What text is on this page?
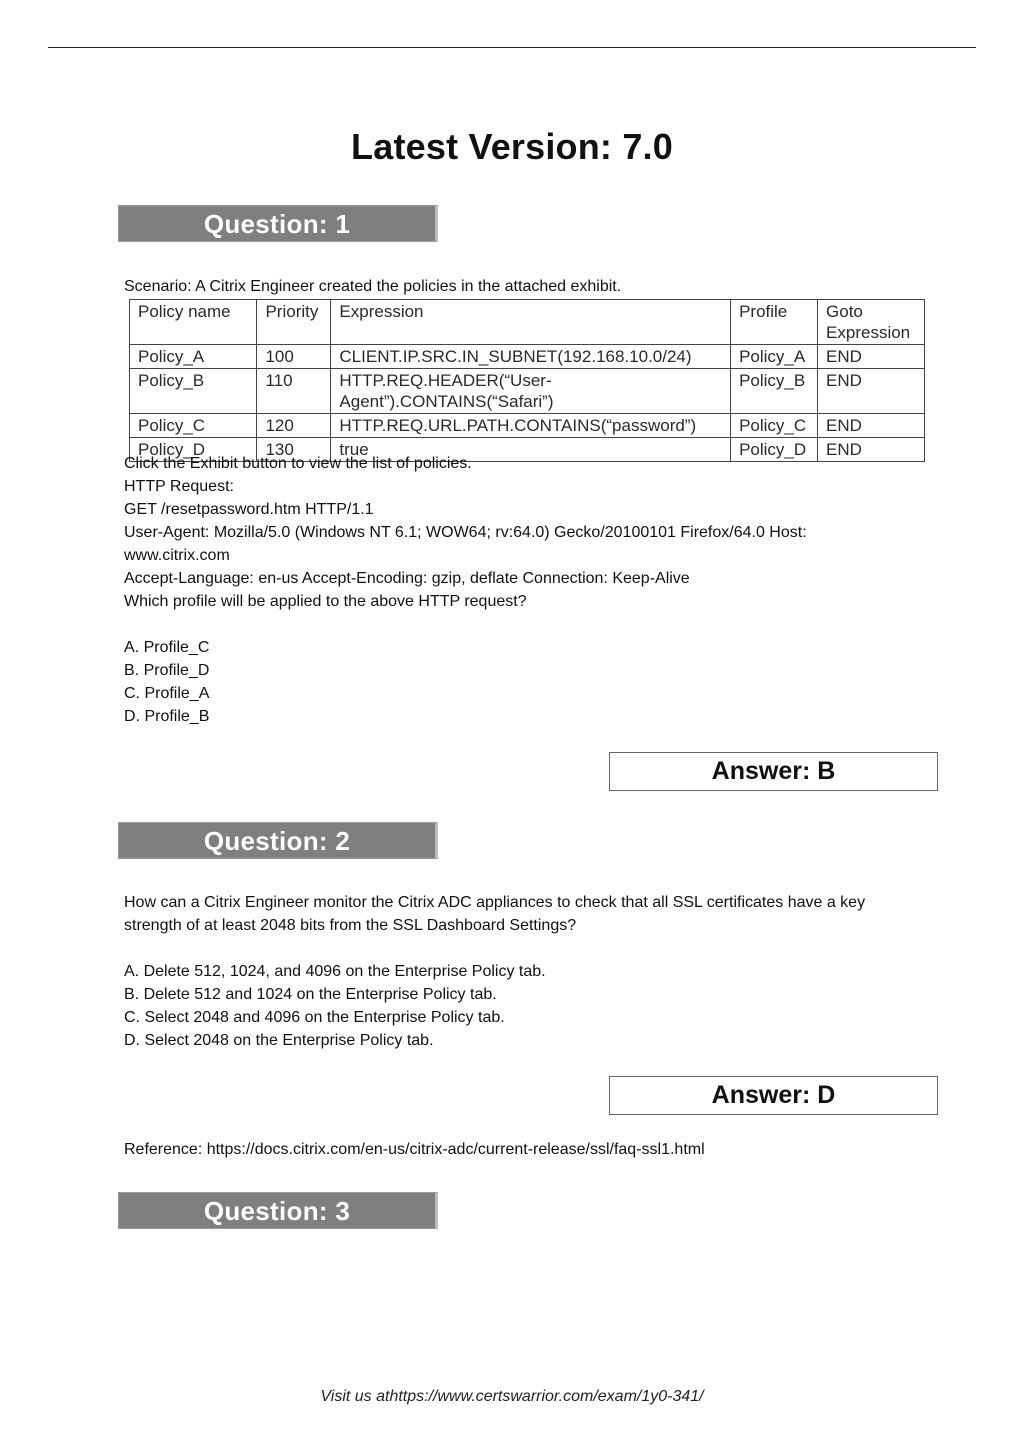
Latest Version: 7.0
Question: 1

Scenario: A Citrix Engineer created the policies in the attached exhibit.

Policy name	Priority	Expression	Profile	Goto Expression
Policy_A	100	CLIENT.IP.SRC.IN_SUBNET(192.168.10.0/24)	Policy_A	END
Policy_B	110	HTTP.REQ.HEADER(“User-Agent”).CONTAINS(“Safari”)	Policy_B	END
Policy_C	120	HTTP.REQ.URL.PATH.CONTAINS(“password”)	Policy_C	END
Policy_D	130	true	Policy_D	END

Click the Exhibit button to view the list of policies.

HTTP Request:

GET /resetpassword.htm HTTP/1.1

User-Agent: Mozilla/5.0 (Windows NT 6.1; WOW64; rv:64.0) Gecko/20100101 Firefox/64.0 Host:

www.citrix.com

Accept-Language: en-us Accept-Encoding: gzip, deflate Connection: Keep-Alive

Which profile will be applied to the above HTTP request?

A. Profile_C

B. Profile_D

C. Profile_A

D. Profile_B

Answer: B
Question: 2

How can a Citrix Engineer monitor the Citrix ADC appliances to check that all SSL certificates have a key

strength of at least 2048 bits from the SSL Dashboard Settings?

A. Delete 512, 1024, and 4096 on the Enterprise Policy tab.

B. Delete 512 and 1024 on the Enterprise Policy tab.

C. Select 2048 and 4096 on the Enterprise Policy tab.

D. Select 2048 on the Enterprise Policy tab.

Answer: D

Reference: https://docs.citrix.com/en-us/citrix-adc/current-release/ssl/faq-ssl1.html

Question: 3
Visit us athttps://www.certswarrior.com/exam/1y0-341/
